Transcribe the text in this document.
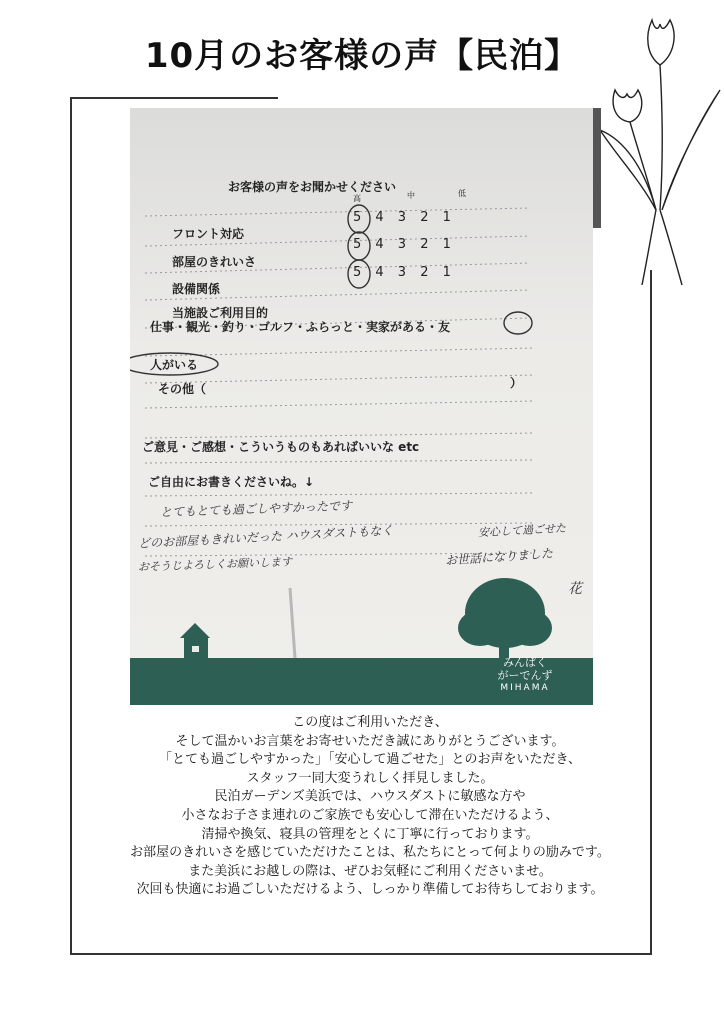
10月のお客様の声【民泊】
お客様の声をお聞かせください
高	中	低
フロント対応
5 4 3 2 1
部屋のきれいさ
5 4 3 2 1
設備関係
5 4 3 2 1
当施設ご利用目的
仕事・観光・釣り・ゴルフ・ふらっと・実家がある・友
人がいる
その他（	）
ご意見・ご感想・こういうものもあればいいな etc
ご自由にお書きくださいね。↓
とてもとても過ごしやすかったです
どのお部屋もきれいだった ハウスダストもなく
おそうじよろしくお願いします
安心して過ごせた
お世話になりました
花
みんぱく
がーでんず
MIHAMA
この度はご利用いただき、
そして温かいお言葉をお寄せいただき誠にありがとうございます。
「とても過ごしやすかった」「安心して過ごせた」とのお声をいただき、
スタッフ一同大変うれしく拝見しました。
民泊ガーデンズ美浜では、ハウスダストに敏感な方や
小さなお子さま連れのご家族でも安心して滞在いただけるよう、
清掃や換気、寝具の管理をとくに丁寧に行っております。
お部屋のきれいさを感じていただけたことは、私たちにとって何よりの励みです。
また美浜にお越しの際は、ぜひお気軽にご利用くださいませ。
次回も快適にお過ごしいただけるよう、しっかり準備してお待ちしております。
